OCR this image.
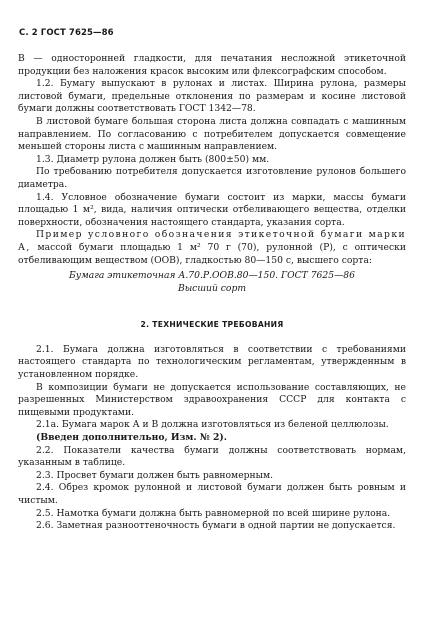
С. 2 ГОСТ 7625—86

В — односторонней гладкости, для печатания несложной этикеточной продукции без наложения красок высоким или флексографским способом.

1.2. Бумагу выпускают в рулонах и листах. Ширина рулона, размеры листовой бумаги, предельные отклонения по размерам и косине листовой бумаги должны соответствовать ГОСТ 1342—78.

В листовой бумаге большая сторона листа должна совпадать с машинным направлением. По согласованию с потребителем допускается совмещение меньшей стороны листа с машинным направлением.

1.3. Диаметр рулона должен быть (800±50) мм.

По требованию потребителя допускается изготовление рулонов большего диаметра.

1.4. Условное обозначение бумаги состоит из марки, массы бумаги площадью 1 м², вида, наличия оптически отбеливающего вещества, отделки поверхности, обозначения настоящего стандарта, указания сорта.

Пример условного обозначения этикеточной бумаги марки А, массой бумаги площадью 1 м² 70 г (70), рулонной (Р), с оптически отбеливающим веществом (ООВ), гладкостью 80—150 с, высшего сорта:

Бумага этикеточная А.70.Р.ООВ.80—150. ГОСТ 7625—86
Высший сорт
2. ТЕХНИЧЕСКИЕ ТРЕБОВАНИЯ

2.1. Бумага должна изготовляться в соответствии с требованиями настоящего стандарта по технологическим регламентам, утвержденным в установленном порядке.

В композиции бумаги не допускается использование составляющих, не разрешенных Министерством здравоохранения СССР для контакта с пищевыми продуктами.

2.1а. Бумага марок А и В должна изготовляться из беленой целлюлозы.

(Введен дополнительно, Изм. № 2).

2.2. Показатели качества бумаги должны соответствовать нормам, указанным в таблице.

2.3. Просвет бумаги должен быть равномерным.

2.4. Обрез кромок рулонной и листовой бумаги должен быть ровным и чистым.

2.5. Намотка бумаги должна быть равномерной по всей ширине рулона.

2.6. Заметная разнооттеночность бумаги в одной партии не допускается.
